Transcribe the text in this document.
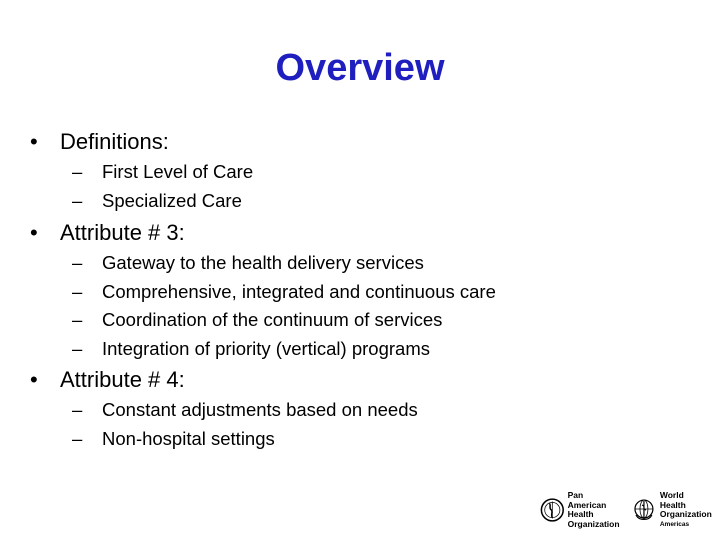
Overview
•	Definitions:
–	First Level of Care
–	Specialized Care
•	Attribute # 3:
–	Gateway to the health delivery services
–	Comprehensive, integrated and continuous care
–	Coordination of the continuum of services
–	Integration of priority (vertical) programs
•	Attribute # 4:
–	Constant adjustments based on needs
–	Non-hospital settings
Pan American
Health
Organization
World Health
Organization
Americas
